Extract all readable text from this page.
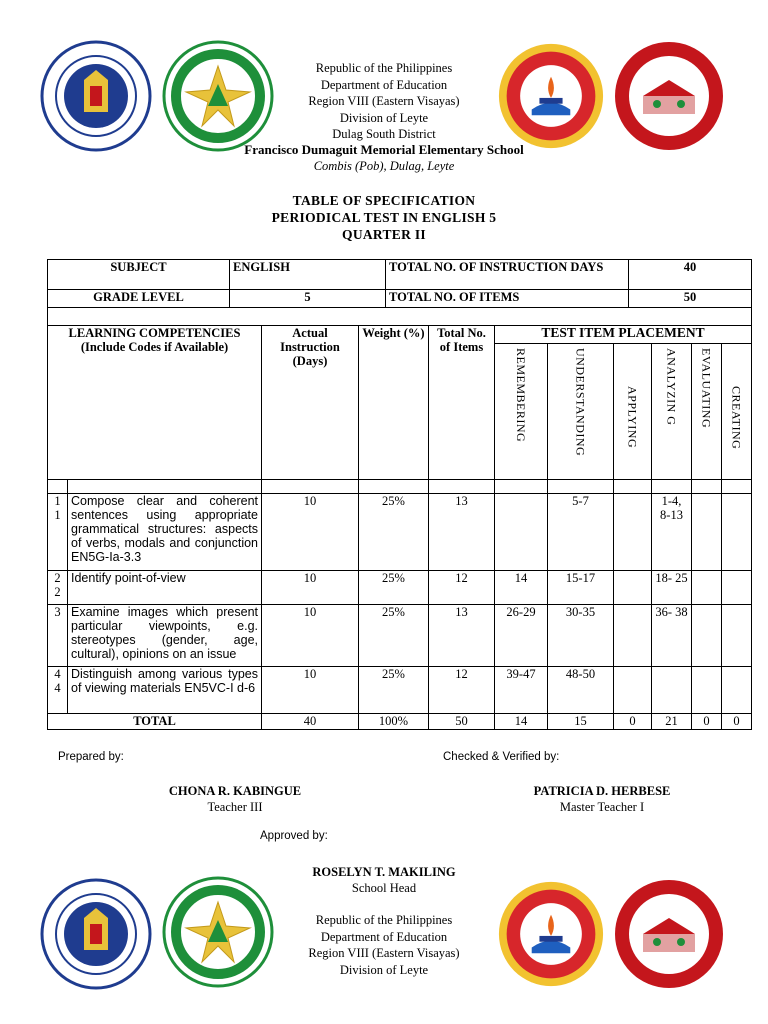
Republic of the Philippines
Department of Education
Region VIII (Eastern Visayas)
Division of Leyte
Dulag South District
Francisco Dumaguit Memorial Elementary School
Combis (Pob), Dulag, Leyte
TABLE OF SPECIFICATION
PERIODICAL TEST IN ENGLISH 5
QUARTER II
SUBJECT	ENGLISH	TOTAL NO. OF INSTRUCTION DAYS	40
GRADE LEVEL	5	TOTAL NO. OF ITEMS	50

LEARNING COMPETENCIES
(Include Codes if Available)		Actual Instruction (Days)	Weight (%)	Total No. of Items	TEST ITEM PLACEMENT					
					REMEMBERING	UNDERSTANDING	APPLYING	ANALYZIN G	EVALUATING	CREATING

1 1	Compose clear and coherent sentences using appropriate grammatical structures: aspects of verbs, modals and conjunction EN5G-Ia-3.3	10	25%	13		5-7		1-4, 8-13		
2 2	Identify point-of-view	10	25%	12	14	15-17		18- 25		
3	Examine images which present particular viewpoints, e.g. stereotypes (gender, age, cultural), opinions on an issue	10	25%	13	26-29	30-35		36- 38		
4 4	Distinguish among various types of viewing materials EN5VC-I d-6	10	25%	12	39-47	48-50				
TOTAL		40	100%	50	14	15	0	21	0	0
Prepared by:	Checked & Verified by:
CHONA R. KABINGUE
Teacher III
PATRICIA D. HERBESE
Master Teacher I
Approved by:
ROSELYN T. MAKILING
School Head
Republic of the Philippines
Department of Education
Region VIII (Eastern Visayas)
Division of Leyte
